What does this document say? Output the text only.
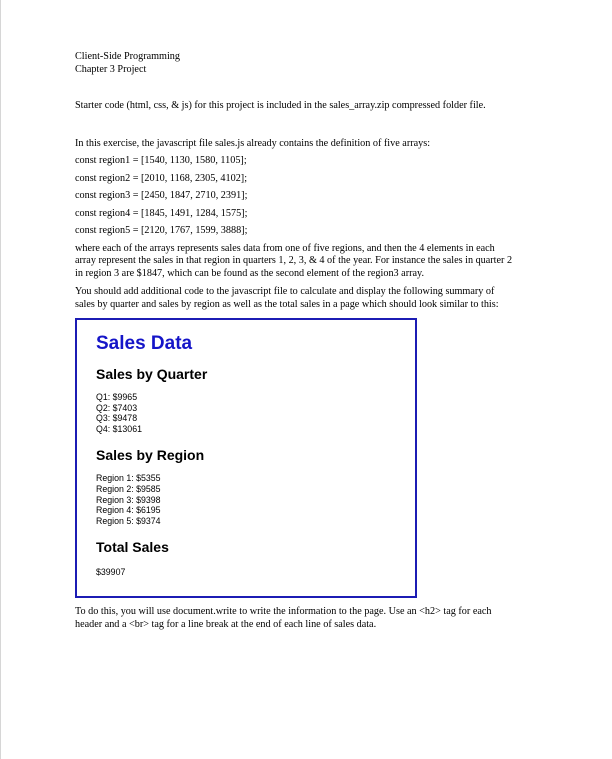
Client-Side Programming

Chapter 3 Project

Starter code (html, css, & js) for this project is included in the sales_array.zip compressed folder file.

In this exercise, the javascript file sales.js already contains the definition of five arrays:

const region1 = [1540, 1130, 1580, 1105];

const region2 = [2010, 1168, 2305, 4102];

const region3 = [2450, 1847, 2710, 2391];

const region4 = [1845, 1491, 1284, 1575];

const region5 = [2120, 1767, 1599, 3888];

where each of the arrays represents sales data from one of five regions, and then the 4 elements in each array represent the sales in that region in quarters 1, 2, 3, & 4 of the year. For instance the sales in quarter 2 in region 3 are $1847, which can be found as the second element of the region3 array.

You should add additional code to the javascript file to calculate and display the following summary of sales by quarter and sales by region as well as the total sales in a page which should look similar to this:

Sales Data
Sales by Quarter

Q1: $9965

Q2: $7403

Q3: $9478

Q4: $13061

Sales by Region

Region 1: $5355

Region 2: $9585

Region 3: $9398

Region 4: $6195

Region 5: $9374

Total Sales

$39907

To do this, you will use document.write to write the information to the page. Use an <h2> tag for each header and a <br> tag for a line break at the end of each line of sales data.
